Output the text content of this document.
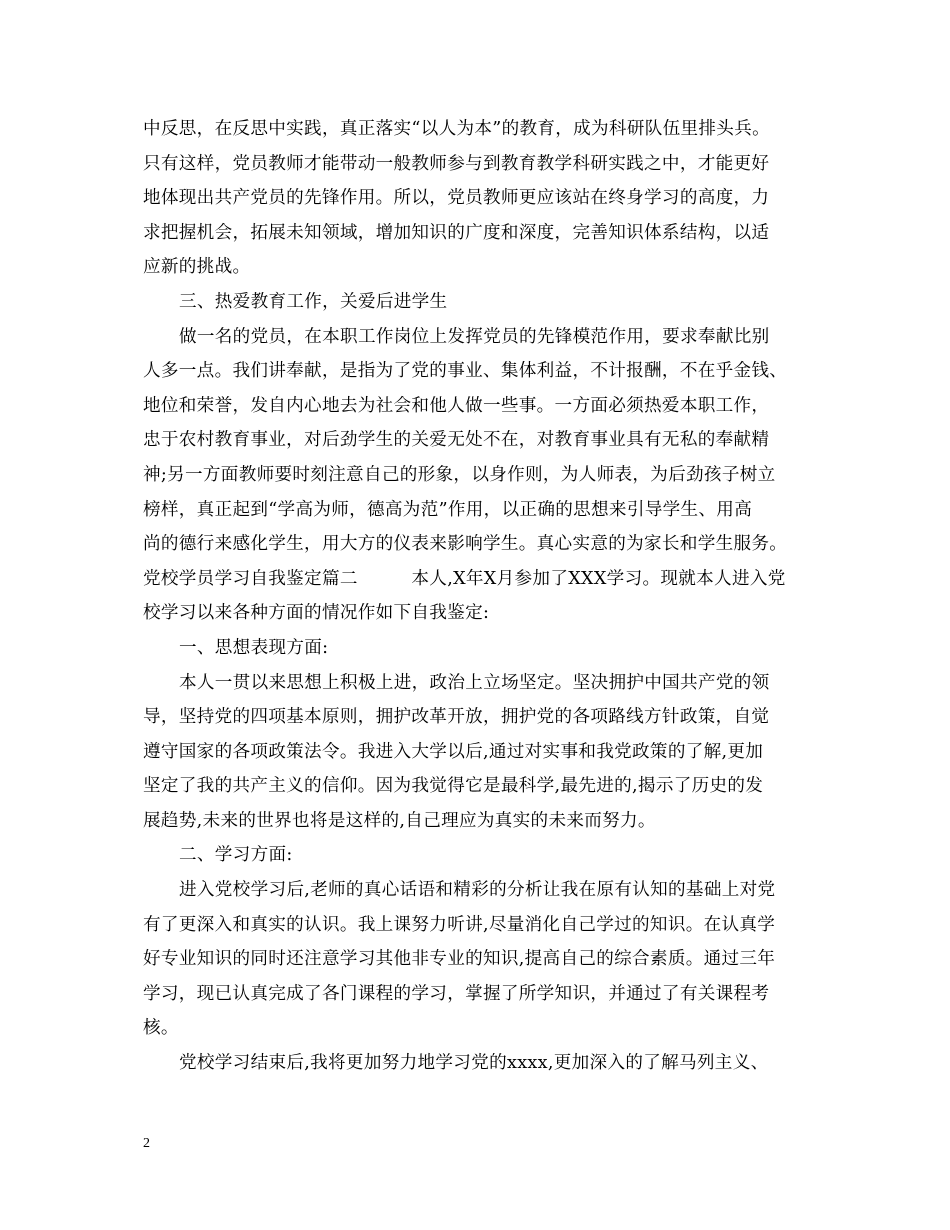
中反思，在反思中实践，真正落实“以人为本”的教育，成为科研队伍里排头兵。
只有这样，党员教师才能带动一般教师参与到教育教学科研实践之中，才能更好
地体现出共产党员的先锋作用。所以，党员教师更应该站在终身学习的高度，力
求把握机会，拓展未知领域，增加知识的广度和深度，完善知识体系结构，以适
应新的挑战。
三、热爱教育工作，关爱后进学生
做一名的党员，在本职工作岗位上发挥党员的先锋模范作用，要求奉献比别
人多一点。我们讲奉献，是指为了党的事业、集体利益，不计报酬，不在乎金钱、
地位和荣誉，发自内心地去为社会和他人做一些事。一方面必须热爱本职工作，
忠于农村教育事业，对后劲学生的关爱无处不在，对教育事业具有无私的奉献精
神;另一方面教师要时刻注意自己的形象，以身作则，为人师表，为后劲孩子树立
榜样，真正起到“学高为师，德高为范”作用，以正确的思想来引导学生、用高
尚的德行来感化学生，用大方的仪表来影响学生。真心实意的为家长和学生服务。
党校学员学习自我鉴定篇二　　　本人,X年X月参加了XXX学习。现就本人进入党
校学习以来各种方面的情况作如下自我鉴定:
一、思想表现方面:
本人一贯以来思想上积极上进，政治上立场坚定。坚决拥护中国共产党的领
导，坚持党的四项基本原则，拥护改革开放，拥护党的各项路线方针政策，自觉
遵守国家的各项政策法令。我进入大学以后,通过对实事和我党政策的了解,更加
坚定了我的共产主义的信仰。因为我觉得它是最科学,最先进的,揭示了历史的发
展趋势,未来的世界也将是这样的,自己理应为真实的未来而努力。
二、学习方面:
进入党校学习后,老师的真心话语和精彩的分析让我在原有认知的基础上对党
有了更深入和真实的认识。我上课努力听讲,尽量消化自己学过的知识。在认真学
好专业知识的同时还注意学习其他非专业的知识,提高自己的综合素质。通过三年
学习，现已认真完成了各门课程的学习，掌握了所学知识，并通过了有关课程考
核。
党校学习结束后,我将更加努力地学习党的xxxx,更加深入的了解马列主义、
2
